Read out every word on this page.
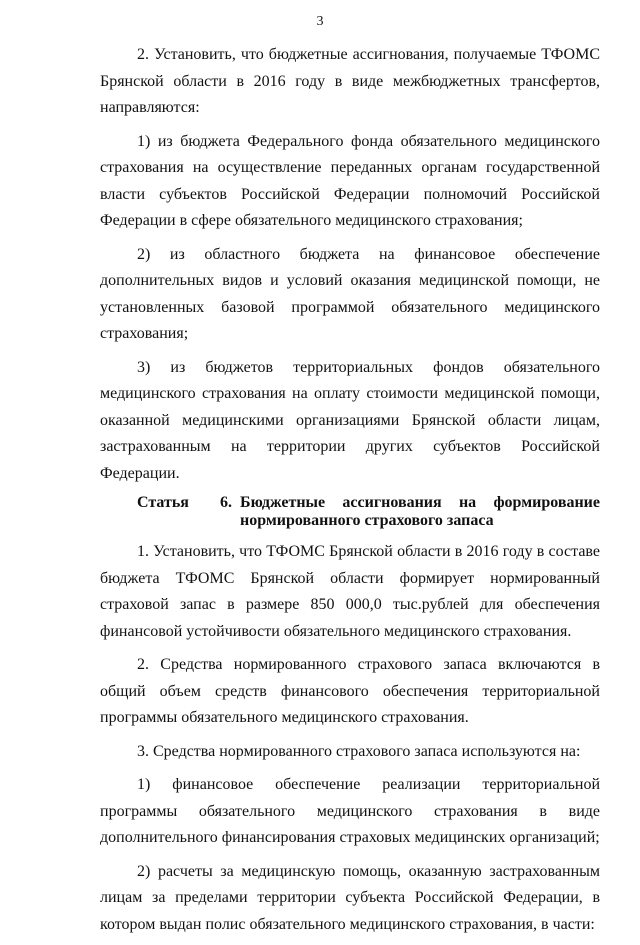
3

2. Установить, что бюджетные ассигнования, получаемые ТФОМС Брянской области в 2016 году в виде межбюджетных трансфертов, направляются:

1) из бюджета Федерального фонда обязательного медицинского страхования на осуществление переданных органам государственной власти субъектов Российской Федерации полномочий Российской Федерации в сфере обязательного медицинского страхования;

2) из областного бюджета на финансовое обеспечение дополнительных видов и условий оказания медицинской помощи, не установленных базовой программой обязательного медицинского страхования;

3) из бюджетов территориальных фондов обязательного медицинского страхования на оплату стоимости медицинской помощи, оказанной медицинскими организациями Брянской области лицам, застрахованным на территории других субъектов Российской Федерации.

Статья 6. Бюджетные ассигнования на формирование нормированного страхового запаса

1. Установить, что ТФОМС Брянской области в 2016 году в составе бюджета ТФОМС Брянской области формирует нормированный страховой запас в размере 850 000,0 тыс.рублей для обеспечения финансовой устойчивости обязательного медицинского страхования.

2. Средства нормированного страхового запаса включаются в общий объем средств финансового обеспечения территориальной программы обязательного медицинского страхования.

3. Средства нормированного страхового запаса используются на:

1) финансовое обеспечение реализации территориальной программы обязательного медицинского страхования в виде дополнительного финансирования страховых медицинских организаций;

2) расчеты за медицинскую помощь, оказанную застрахованным лицам за пределами территории субъекта Российской Федерации, в котором выдан полис обязательного медицинского страхования, в части:
